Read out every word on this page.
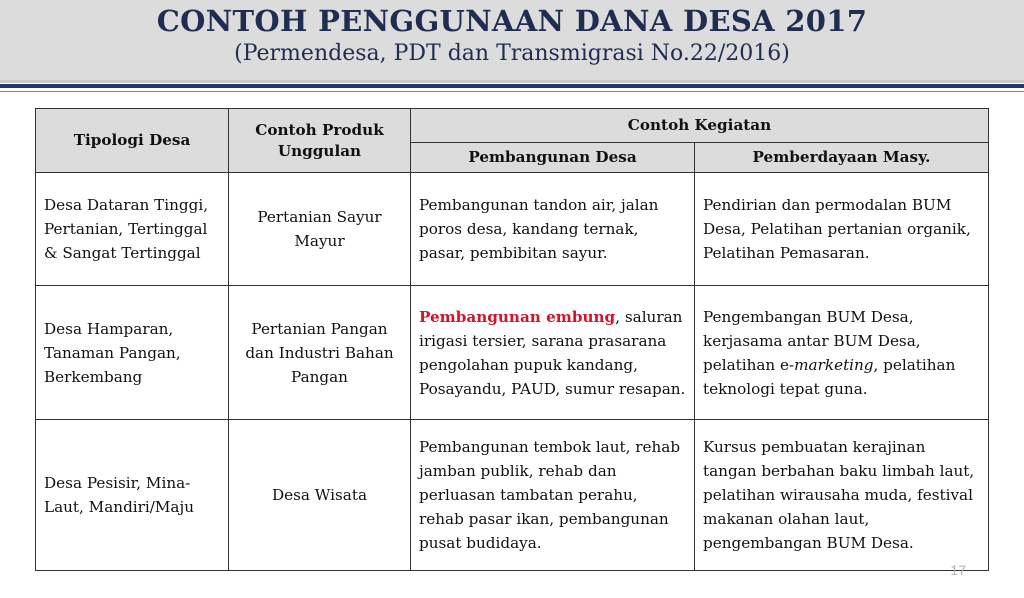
CONTOH PENGGUNAAN DANA DESA 2017
(Permendesa, PDT dan Transmigrasi No.22/2016)
Tipologi Desa	Contoh Produk Unggulan	Contoh Kegiatan	
		Pembangunan Desa	Pemberdayaan Masy.
Desa Dataran Tinggi, Pertanian, Tertinggal & Sangat Tertinggal	Pertanian Sayur Mayur	Pembangunan tandon air, jalan poros desa, kandang ternak, pasar, pembibitan sayur.	Pendirian dan permodalan BUM Desa, Pelatihan pertanian organik, Pelatihan Pemasaran.
Desa Hamparan, Tanaman Pangan, Berkembang	Pertanian Pangan dan Industri Bahan Pangan	Pembangunan embung, saluran irigasi tersier, sarana prasarana pengolahan pupuk kandang, Posayandu, PAUD, sumur resapan.	Pengembangan BUM Desa, kerjasama antar BUM Desa, pelatihan e-marketing, pelatihan teknologi tepat guna.
Desa Pesisir, Mina-Laut, Mandiri/Maju	Desa Wisata	Pembangunan tembok laut, rehab jamban publik, rehab dan perluasan tambatan perahu, rehab pasar ikan, pembangunan pusat budidaya.	Kursus pembuatan kerajinan tangan berbahan baku limbah laut, pelatihan wirausaha muda, festival makanan olahan laut, pengembangan BUM Desa.
17
